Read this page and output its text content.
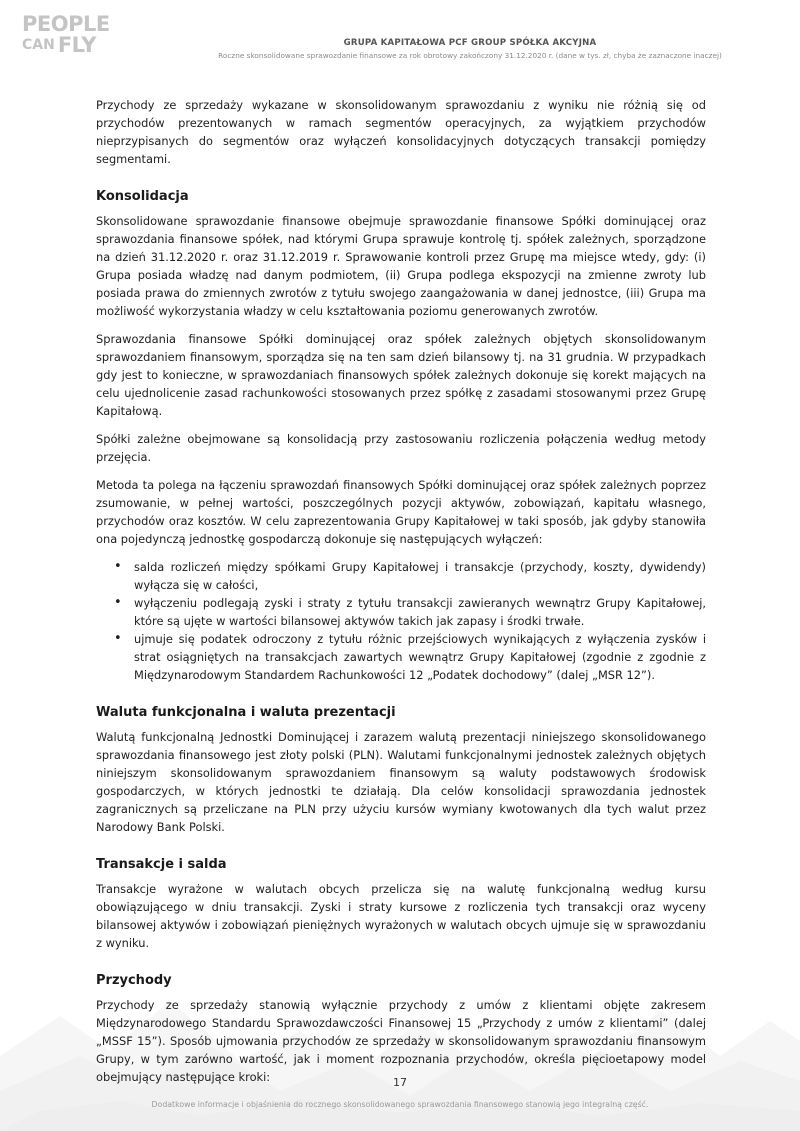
PEOPLE
CAN FLY	GRUPA KAPITAŁOWA PCF GROUP SPÓŁKA AKCYJNA
Roczne skonsolidowane sprawozdanie finansowe za rok obrotowy zakończony 31.12.2020 r. (dane w tys. zł, chyba że zaznaczone inaczej)

Przychody ze sprzedaży wykazane w skonsolidowanym sprawozdaniu z wyniku nie różnią się od przychodów prezentowanych w ramach segmentów operacyjnych, za wyjątkiem przychodów nieprzypisanych do segmentów oraz wyłączeń konsolidacyjnych dotyczących transakcji pomiędzy segmentami.

Konsolidacja

Skonsolidowane sprawozdanie finansowe obejmuje sprawozdanie finansowe Spółki dominującej oraz sprawozdania finansowe spółek, nad którymi Grupa sprawuje kontrolę tj. spółek zależnych, sporządzone na dzień 31.12.2020 r. oraz 31.12.2019 r. Sprawowanie kontroli przez Grupę ma miejsce wtedy, gdy: (i) Grupa posiada władzę nad danym podmiotem, (ii) Grupa podlega ekspozycji na zmienne zwroty lub posiada prawa do zmiennych zwrotów z tytułu swojego zaangażowania w danej jednostce, (iii) Grupa ma możliwość wykorzystania władzy w celu kształtowania poziomu generowanych zwrotów.

Sprawozdania finansowe Spółki dominującej oraz spółek zależnych objętych skonsolidowanym sprawozdaniem finansowym, sporządza się na ten sam dzień bilansowy tj. na 31 grudnia. W przypadkach gdy jest to konieczne, w sprawozdaniach finansowych spółek zależnych dokonuje się korekt mających na celu ujednolicenie zasad rachunkowości stosowanych przez spółkę z zasadami stosowanymi przez Grupę Kapitałową.

Spółki zależne obejmowane są konsolidacją przy zastosowaniu rozliczenia połączenia według metody przejęcia.

Metoda ta polega na łączeniu sprawozdań finansowych Spółki dominującej oraz spółek zależnych poprzez zsumowanie, w pełnej wartości, poszczególnych pozycji aktywów, zobowiązań, kapitału własnego, przychodów oraz kosztów. W celu zaprezentowania Grupy Kapitałowej w taki sposób, jak gdyby stanowiła ona pojedynczą jednostkę gospodarczą dokonuje się następujących wyłączeń:

• salda rozliczeń między spółkami Grupy Kapitałowej i transakcje (przychody, koszty, dywidendy) wyłącza się w całości,
• wyłączeniu podlegają zyski i straty z tytułu transakcji zawieranych wewnątrz Grupy Kapitałowej, które są ujęte w wartości bilansowej aktywów takich jak zapasy i środki trwałe.
• ujmuje się podatek odroczony z tytułu różnic przejściowych wynikających z wyłączenia zysków i strat osiągniętych na transakcjach zawartych wewnątrz Grupy Kapitałowej (zgodnie z zgodnie z Międzynarodowym Standardem Rachunkowości 12 „Podatek dochodowy” (dalej „MSR 12”).
Waluta funkcjonalna i waluta prezentacji

Walutą funkcjonalną Jednostki Dominującej i zarazem walutą prezentacji niniejszego skonsolidowanego sprawozdania finansowego jest złoty polski (PLN). Walutami funkcjonalnymi jednostek zależnych objętych niniejszym skonsolidowanym sprawozdaniem finansowym są waluty podstawowych środowisk gospodarczych, w których jednostki te działają. Dla celów konsolidacji sprawozdania jednostek zagranicznych są przeliczane na PLN przy użyciu kursów wymiany kwotowanych dla tych walut przez Narodowy Bank Polski.

Transakcje i salda

Transakcje wyrażone w walutach obcych przelicza się na walutę funkcjonalną według kursu obowiązującego w dniu transakcji. Zyski i straty kursowe z rozliczenia tych transakcji oraz wyceny bilansowej aktywów i zobowiązań pieniężnych wyrażonych w walutach obcych ujmuje się w sprawozdaniu z wyniku.

Przychody

Przychody ze sprzedaży stanowią wyłącznie przychody z umów z klientami objęte zakresem Międzynarodowego Standardu Sprawozdawczości Finansowej 15 „Przychody z umów z klientami” (dalej „MSSF 15”). Sposób ujmowania przychodów ze sprzedaży w skonsolidowanym sprawozdaniu finansowym Grupy, w tym zarówno wartość, jak i moment rozpoznania przychodów, określa pięcioetapowy model obejmujący następujące kroki:	17
Dodatkowe informacje i objaśnienia do rocznego skonsolidowanego sprawozdania finansowego stanowią jego integralną część.
